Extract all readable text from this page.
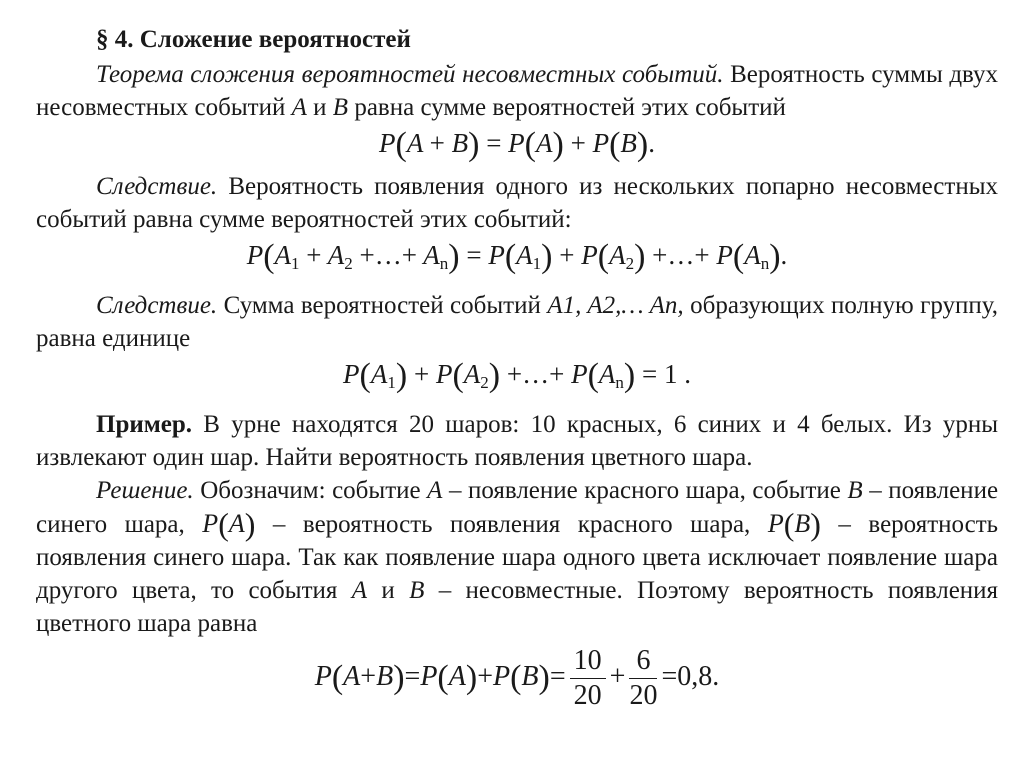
§ 4. Сложение вероятностей

Теорема сложения вероятностей несовместных событий. Вероятность суммы двух несовместных событий A и B равна сумме вероятностей этих событий

P(A + B) = P(A) + P(B).

Следствие. Вероятность появления одного из нескольких попарно несовместных событий равна сумме вероятностей этих событий:

$P(A_1 + A_2$ +…+ $A_n) = P(A_1) + P(A_2)$ +…+ $P(A_n)$.

Следствие. Сумма вероятностей событий A1, A2,… An, образующих полную группу, равна единице

$P(A_1) + P(A_2)$ +…+ $P(A_n) = 1$ .

Пример. В урне находятся 20 шаров: 10 красных, 6 синих и 4 белых. Из урны извлекают один шар. Найти вероятность появления цветного шара.

Решение. Обозначим: событие A – появление красного шара, событие B – появление синего шара, P(A) – вероятность появления красного шара, P(B) – вероятность появления синего шара. Так как появление шара одного цвета исключает появление шара другого цвета, то события A и B – несовместные. Поэтому вероятность появления цветного шара равна

$P(A+B)=P(A)+P(B)= \frac{10}{20} + \frac{6}{20} =0,8$.
